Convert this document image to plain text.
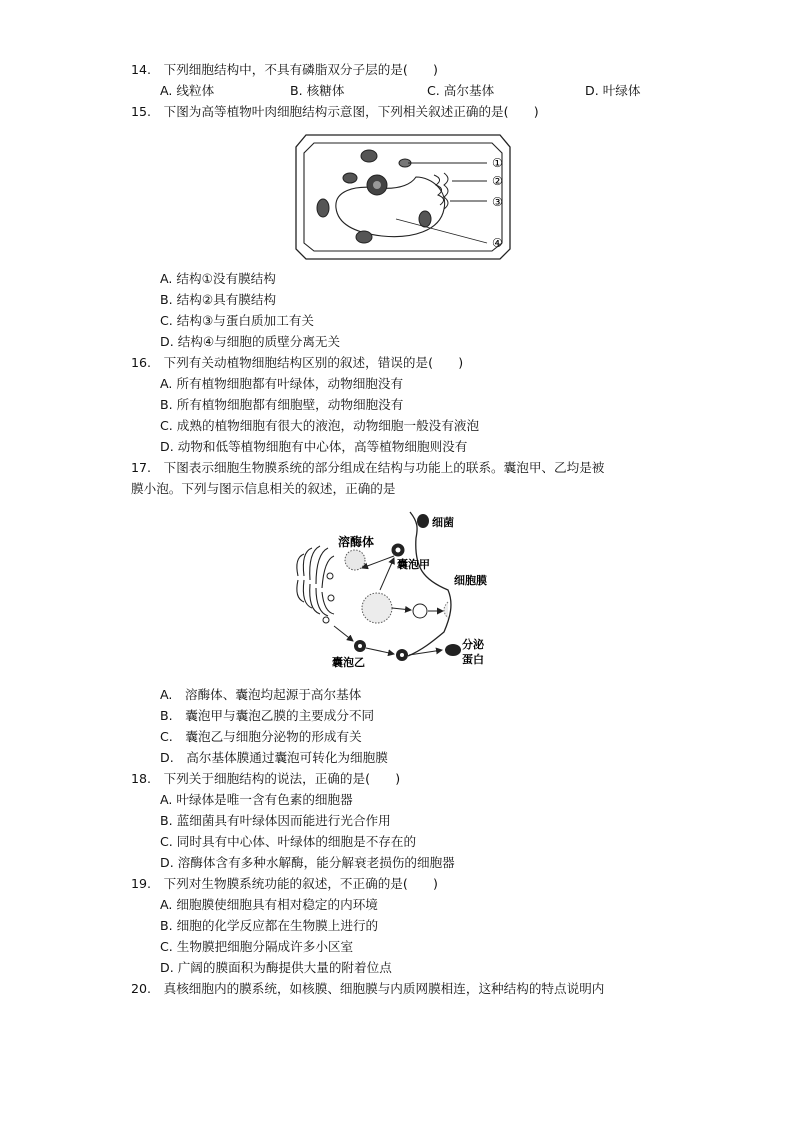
14.　下列细胞结构中，不具有磷脂双分子层的是(　　)
A. 线粒体	B. 核糖体	C. 高尔基体	D. 叶绿体
15.　下图为高等植物叶肉细胞结构示意图，下列相关叙述正确的是(　　)
①
②
③
④
A. 结构①没有膜结构
B. 结构②具有膜结构
C. 结构③与蛋白质加工有关
D. 结构④与细胞的质壁分离无关
16.　下列有关动植物细胞结构区别的叙述，错误的是(　　)
A. 所有植物细胞都有叶绿体，动物细胞没有
B. 所有植物细胞都有细胞壁，动物细胞没有
C. 成熟的植物细胞有很大的液泡，动物细胞一般没有液泡
D. 动物和低等植物细胞有中心体，高等植物细胞则没有
17.　下图表示细胞生物膜系统的部分组成在结构与功能上的联系。囊泡甲、乙均是被
膜小泡。下列与图示信息相关的叙述，正确的是
溶酶体
囊泡甲
细菌
细胞膜
囊泡乙
分泌
蛋白
A.　溶酶体、囊泡均起源于高尔基体
B.　囊泡甲与囊泡乙膜的主要成分不同
C.　囊泡乙与细胞分泌物的形成有关
D.　高尔基体膜通过囊泡可转化为细胞膜
18.　下列关于细胞结构的说法，正确的是(　　)
A. 叶绿体是唯一含有色素的细胞器
B. 蓝细菌具有叶绿体因而能进行光合作用
C. 同时具有中心体、叶绿体的细胞是不存在的
D. 溶酶体含有多种水解酶，能分解衰老损伤的细胞器
19.　下列对生物膜系统功能的叙述，不正确的是(　　)
A. 细胞膜使细胞具有相对稳定的内环境
B. 细胞的化学反应都在生物膜上进行的
C. 生物膜把细胞分隔成许多小区室
D. 广阔的膜面积为酶提供大量的附着位点
20.　真核细胞内的膜系统，如核膜、细胞膜与内质网膜相连，这种结构的特点说明内
